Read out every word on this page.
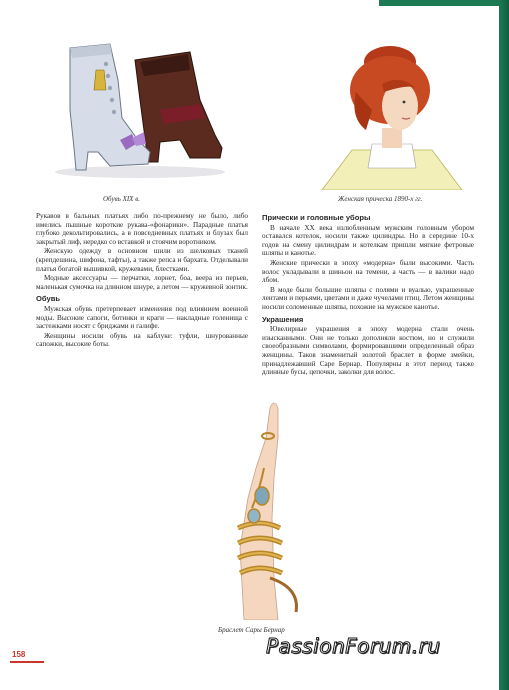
Обувь XIX в.	Женская прическа 1890-х гг.

Рукавов в бальных платьях либо по-прежнему не было, либо имелись пышные короткие рукава-«фонарики». Парадные платья глубоко декольтировались, а в повседневных платьях и блузах был закрытый лиф, нередко со вставкой и стоячим воротником.

Женскую одежду в основном шили из шелковых тканей (крепдешина, шифона, тафты), а также репса и бархата. Отделывали платья богатой вышивкой, кружевами, блестками.

Модные аксессуары — перчатки, лорнет, боа, веера из перьев, маленькая сумочка на длинном шнуре, а летом — кружевной зонтик.

Обувь

Мужская обувь претерпевает изменения под влиянием военной моды. Высокие сапоги, ботинки и краги — накладные голенища с застежками носят с бриджами и галифе.

Женщины носили обувь на каблуке: туфли, шнурованные сапожки, высокие боты.

Прически и головные уборы

В начале XX века излюбленным мужским головным убором оставался котелок, носили также цилиндры. Но в середине 10-х годов на смену цилиндрам и котелкам пришли мягкие фетровые шляпы и канотье.

Женские прически в эпоху «модерна» были высокими. Часть волос укладывали в шиньон на темени, а часть — в валики надо лбом.

В моде были большие шляпы с полями и вуалью, украшенные лентами и перьями, цветами и даже чучелами птиц. Летом женщины носили соломенные шляпы, похожие на мужское канотье.

Украшения

Ювелирные украшения в эпоху модерна стали очень изысканными. Они не только дополняли костюм, но и служили своеобразными символами, формировавшими определенный образ женщины. Таков знаменитый золотой браслет в форме змейки, принадлежавший Саре Бернар. Популярны в этот период также длинные бусы, цепочки, заколки для волос.

Браслет Сары Бернар
158	PassionForum.ru
